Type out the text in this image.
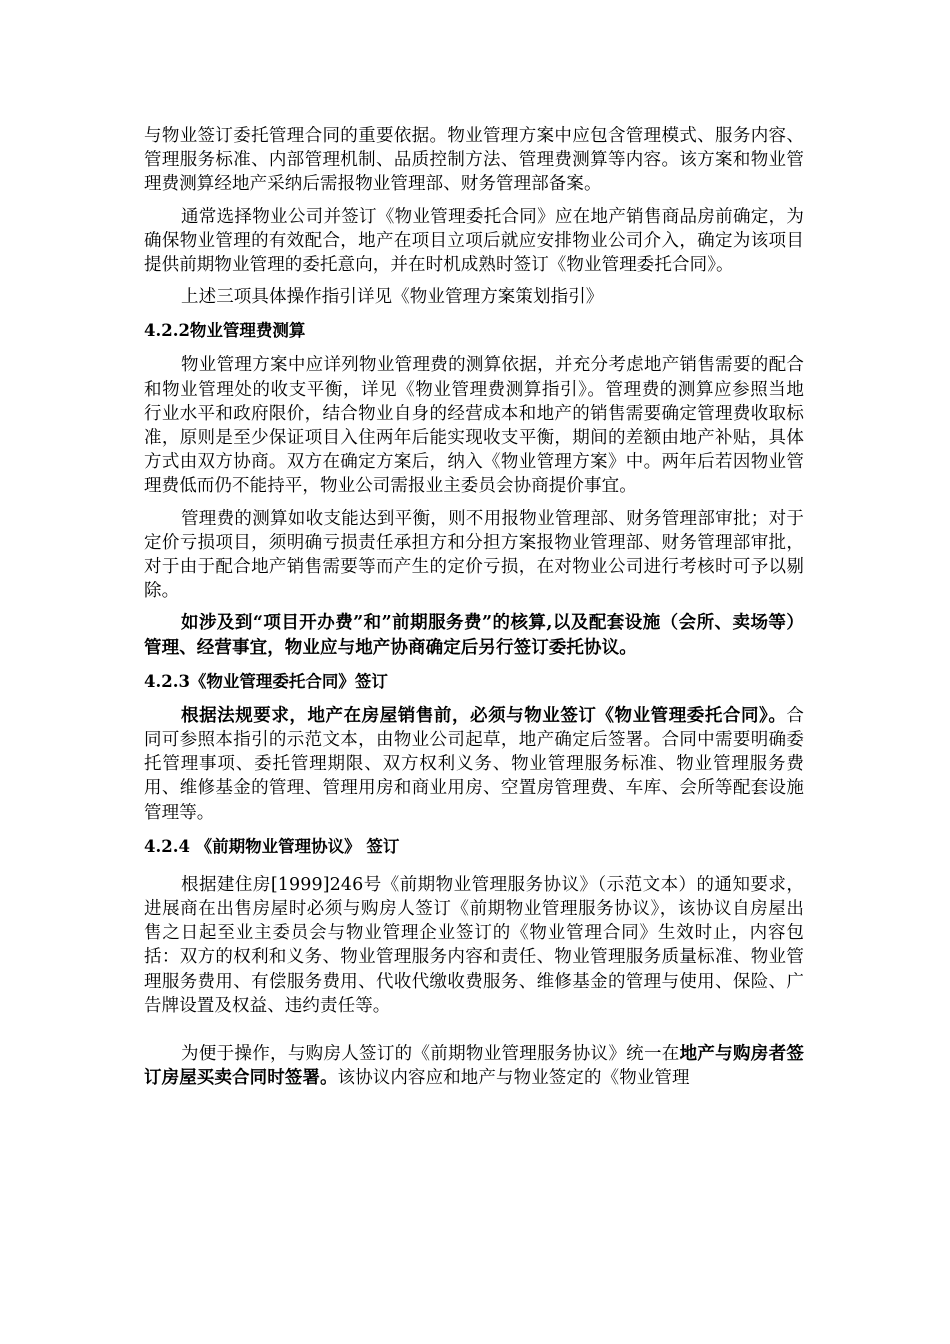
与物业签订委托管理合同的重要依据。物业管理方案中应包含管理模式、服务内容、管理服务标准、内部管理机制、品质控制方法、管理费测算等内容。该方案和物业管理费测算经地产采纳后需报物业管理部、财务管理部备案。

通常选择物业公司并签订《物业管理委托合同》应在地产销售商品房前确定，为确保物业管理的有效配合，地产在项目立项后就应安排物业公司介入，确定为该项目提供前期物业管理的委托意向，并在时机成熟时签订《物业管理委托合同》。

上述三项具体操作指引详见《物业管理方案策划指引》

4.2.2物业管理费测算

物业管理方案中应详列物业管理费的测算依据，并充分考虑地产销售需要的配合和物业管理处的收支平衡，详见《物业管理费测算指引》。管理费的测算应参照当地行业水平和政府限价，结合物业自身的经营成本和地产的销售需要确定管理费收取标准，原则是至少保证项目入住两年后能实现收支平衡，期间的差额由地产补贴，具体方式由双方协商。双方在确定方案后，纳入《物业管理方案》中。两年后若因物业管理费低而仍不能持平，物业公司需报业主委员会协商提价事宜。

管理费的测算如收支能达到平衡，则不用报物业管理部、财务管理部审批；对于定价亏损项目，须明确亏损责任承担方和分担方案报物业管理部、财务管理部审批，对于由于配合地产销售需要等而产生的定价亏损，在对物业公司进行考核时可予以剔除。

如涉及到“项目开办费”和”前期服务费”的核算,以及配套设施（会所、卖场等）管理、经营事宜，物业应与地产协商确定后另行签订委托协议。

4.2.3《物业管理委托合同》签订

根据法规要求，地产在房屋销售前，必须与物业签订《物业管理委托合同》。合同可参照本指引的示范文本，由物业公司起草，地产确定后签署。合同中需要明确委托管理事项、委托管理期限、双方权利义务、物业管理服务标准、物业管理服务费用、维修基金的管理、管理用房和商业用房、空置房管理费、车库、会所等配套设施管理等。

4.2.4 《前期物业管理协议》 签订

根据建住房[1999]246号《前期物业管理服务协议》（示范文本）的通知要求，进展商在出售房屋时必须与购房人签订《前期物业管理服务协议》，该协议自房屋出售之日起至业主委员会与物业管理企业签订的《物业管理合同》生效时止，内容包括：双方的权利和义务、物业管理服务内容和责任、物业管理服务质量标准、物业管理服务费用、有偿服务费用、代收代缴收费服务、维修基金的管理与使用、保险、广告牌设置及权益、违约责任等。

为便于操作，与购房人签订的《前期物业管理服务协议》统一在地产与购房者签订房屋买卖合同时签署。该协议内容应和地产与物业签定的《物业管理
